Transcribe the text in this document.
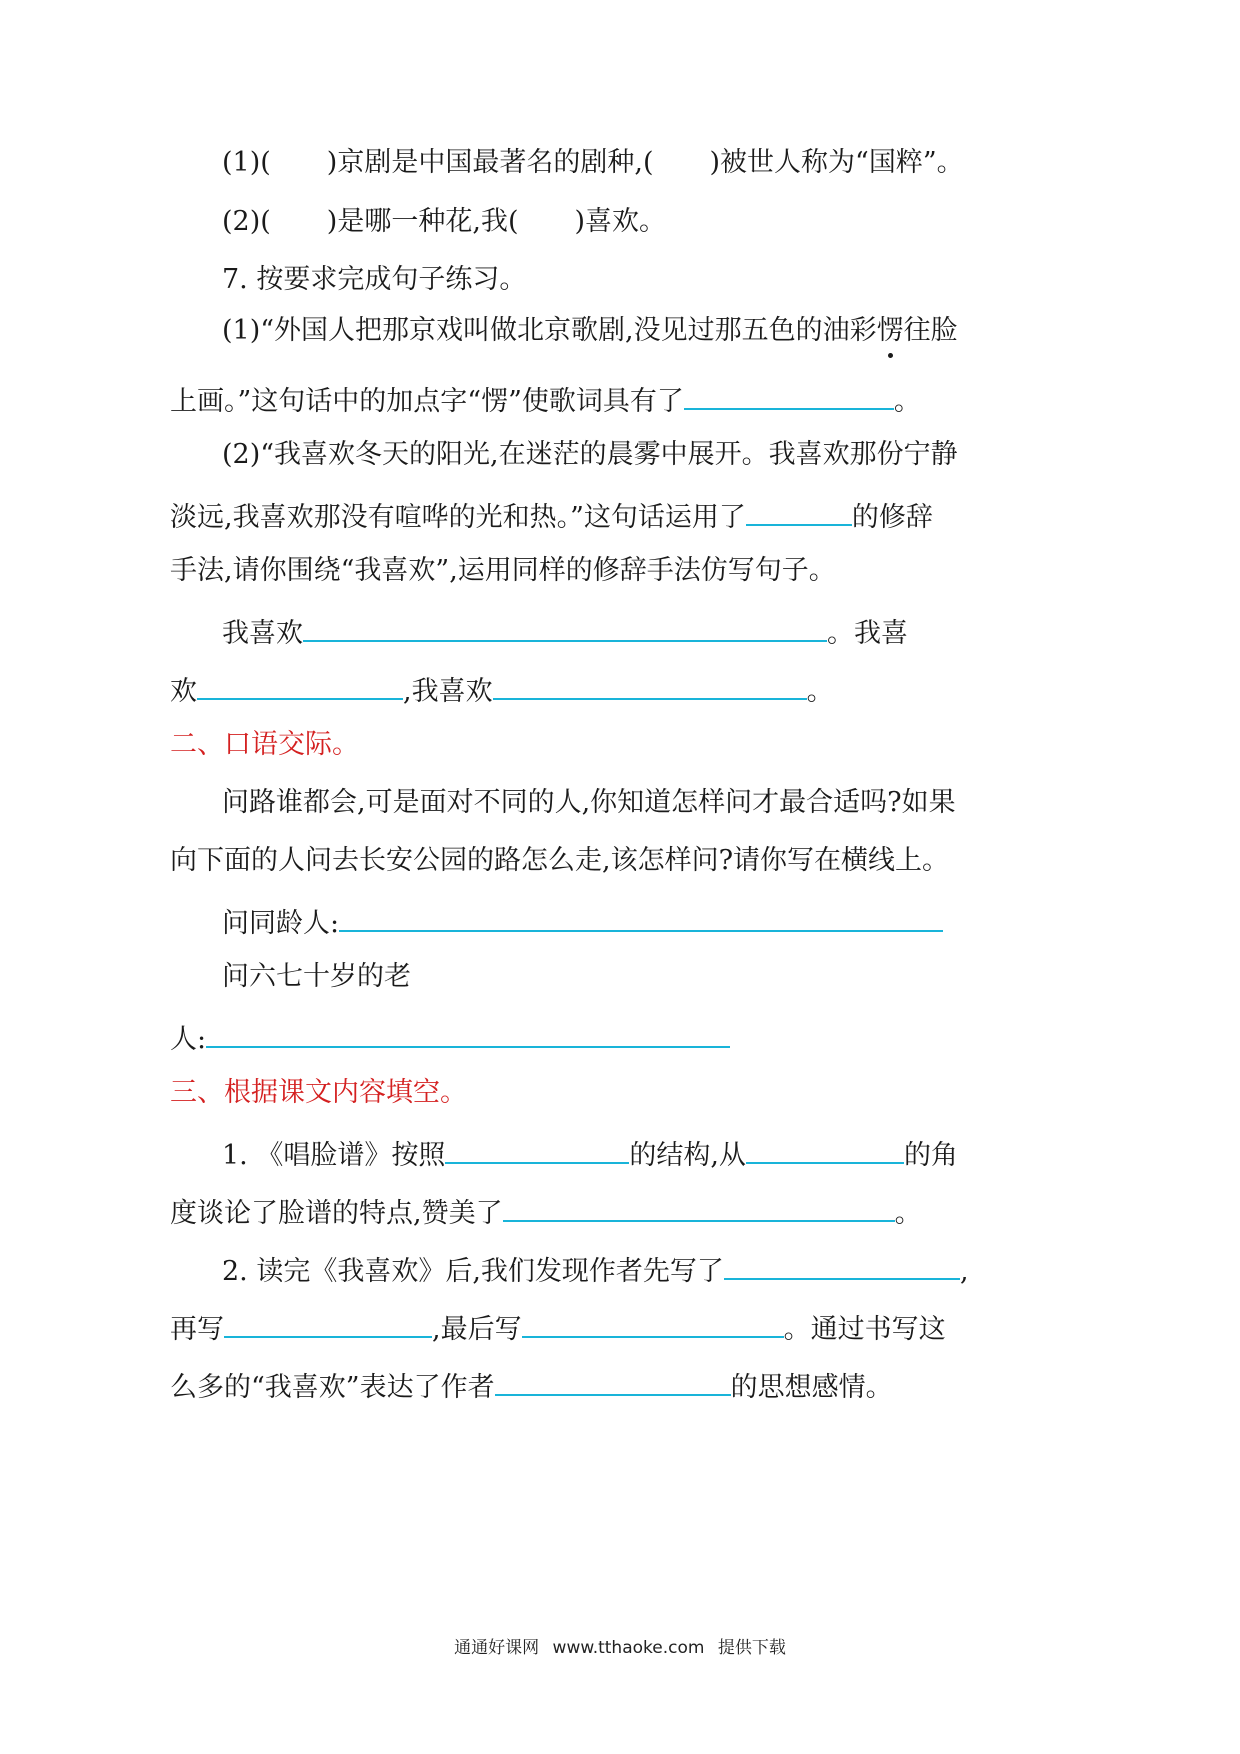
(1)( )京剧是中国最著名的剧种,( )被世人称为“国粹”。
(2)( )是哪一种花,我( )喜欢。
7. 按要求完成句子练习。
(1)“外国人把那京戏叫做北京歌剧,没见过那五色的油彩愣往脸
上画。”这句话中的加点字“愣”使歌词具有了	。
(2)“我喜欢冬天的阳光,在迷茫的晨雾中展开。我喜欢那份宁静
淡远,我喜欢那没有喧哗的光和热。”这句话运用了	的修辞
手法,请你围绕“我喜欢”,运用同样的修辞手法仿写句子。
我喜欢	。我喜
欢	,我喜欢	。
二、口语交际。
问路谁都会,可是面对不同的人,你知道怎样问才最合适吗?如果
向下面的人问去长安公园的路怎么走,该怎样问?请你写在横线上。
问同龄人:
问六七十岁的老
人:
三、根据课文内容填空。
1. 《唱脸谱》按照	的结构,从	的角
度谈论了脸谱的特点,赞美了	。
2. 读完《我喜欢》后,我们发现作者先写了	,
再写	,最后写	。通过书写这
么多的“我喜欢”表达了作者	的思想感情。
通通好课网 www.tthaoke.com 提供下载
